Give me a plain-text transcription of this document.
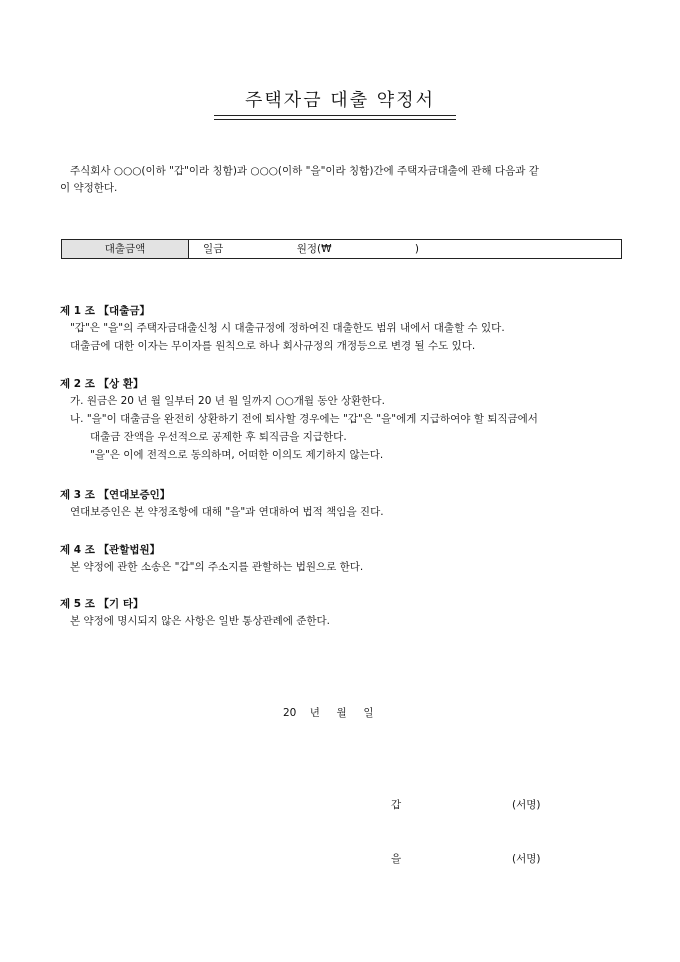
주택자금 대출 약정서
주식회사 ○○○(이하 "갑"이라 칭함)과 ○○○(이하 "을"이라 칭함)간에 주택자금대출에 관해 다음과 같
이 약정한다.
대출금액	일금                      원정(₩                         )
제 1 조 【대출금】
"갑"은 "을"의 주택자금대출신청 시 대출규정에 정하여진 대출한도 범위 내에서 대출할 수 있다.
대출금에 대한 이자는 무이자를 원칙으로 하나 회사규정의 개정등으로 변경 될 수도 있다.
제 2 조 【상 환】
가. 원금은 20 년 월 일부터 20 년 월 일까지 ○○개월 동안 상환한다.
나. "을"이 대출금을 완전히 상환하기 전에 퇴사할 경우에는 "갑"은 "을"에게 지급하여야 할 퇴직금에서
대출금 잔액을 우선적으로 공제한 후 퇴직금을 지급한다.
"을"은 이에 전적으로 동의하며, 어떠한 이의도 제기하지 않는다.
제 3 조 【연대보증인】
연대보증인은 본 약정조항에 대해 "을"과 연대하여 법적 책임을 진다.
제 4 조 【관할법원】
본 약정에 관한 소송은 "갑"의 주소지를 관할하는 법원으로 한다.
제 5 조 【기 타】
본 약정에 명시되지 않은 사항은 일반 통상관례에 준한다.
20    년     월     일
갑	(서명)
을	(서명)
